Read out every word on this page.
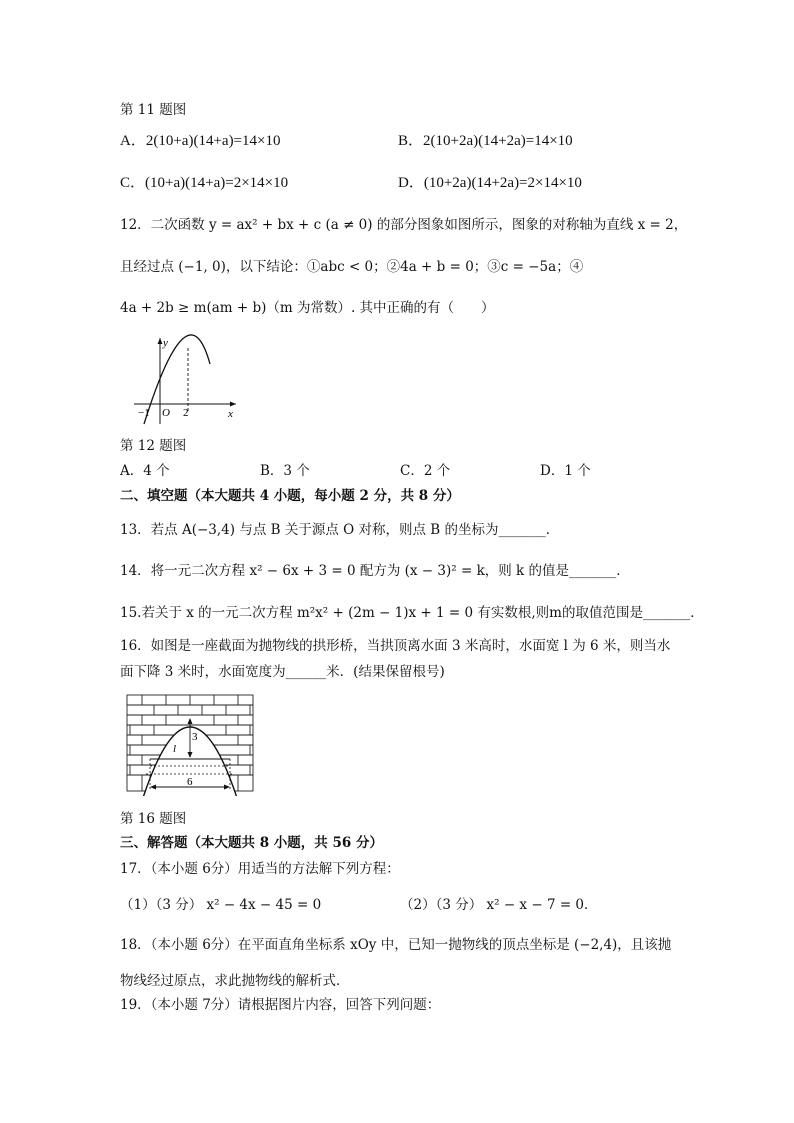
第 11 题图
A．2(10+a)(14+a)=14×10	B．2(10+2a)(14+2a)=14×10
C．(10+a)(14+a)=2×14×10	D．(10+2a)(14+2a)=2×14×10
12．二次函数 y = ax² + bx + c (a ≠ 0) 的部分图象如图所示，图象的对称轴为直线 x = 2，
且经过点 (−1, 0)，以下结论：①abc < 0；②4a + b = 0；③c = −5a；④
4a + 2b ≥ m(am + b)（m 为常数）. 其中正确的有（　　）
y
x
O
−1	2
第 12 题图
A．4 个	B．3 个	C．2 个	D．1 个
二、填空题（本大题共 4 小题，每小题 2 分，共 8 分）
13．若点 A(−3,4) 与点 B 关于源点 O 对称，则点 B 的坐标为_______．
14．将一元二次方程 x² − 6x + 3 = 0 配方为 (x − 3)² = k，则 k 的值是_______．
15.若关于 x 的一元二次方程 m²x² + (2m − 1)x + 1 = 0 有实数根,则m的取值范围是_______．
16．如图是一座截面为抛物线的拱形桥，当拱顶离水面 3 米高时，水面宽 l 为 6 米，则当水
面下降 3 米时，水面宽度为______米．(结果保留根号)
3
6
l
第 16 题图
三、解答题（本大题共 8 小题，共 56 分）
17．（本小题 6分）用适当的方法解下列方程：
（1）（3 分） x² − 4x − 45 = 0	（2）（3 分） x² − x − 7 = 0．
18．（本小题 6分）在平面直角坐标系 xOy 中，已知一抛物线的顶点坐标是 (−2,4)，且该抛
物线经过原点，求此抛物线的解析式．
19．（本小题 7分）请根据图片内容，回答下列问题：
